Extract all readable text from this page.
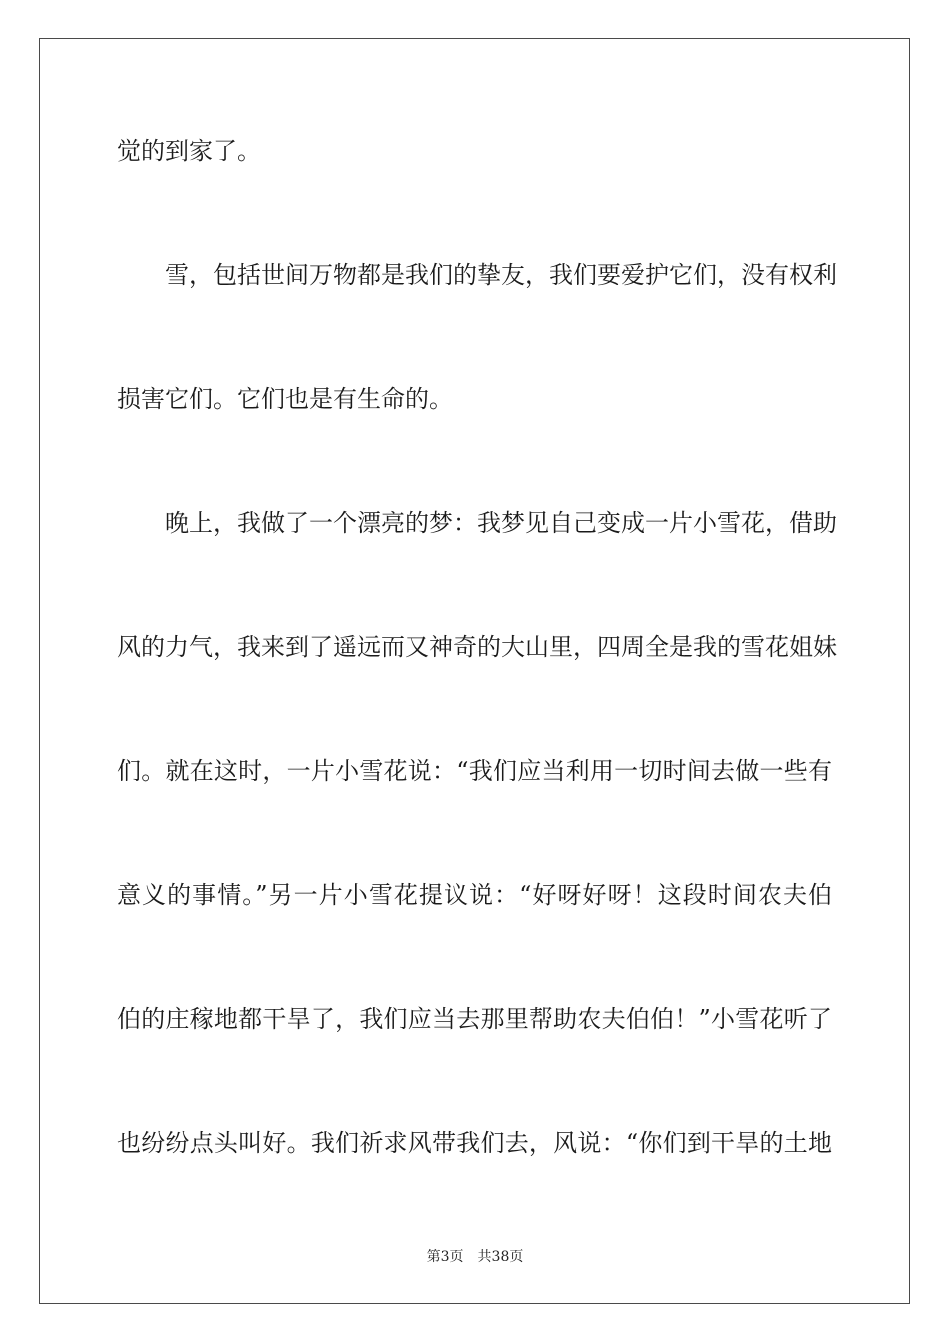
觉的到家了。
雪，包括世间万物都是我们的挚友，我们要爱护它们，没有权利
损害它们。它们也是有生命的。
晚上，我做了一个漂亮的梦：我梦见自己变成一片小雪花，借助
风的力气，我来到了遥远而又神奇的大山里，四周全是我的雪花姐妹
们。就在这时，一片小雪花说：“我们应当利用一切时间去做一些有
意义的事情。”另一片小雪花提议说：“好呀好呀！这段时间农夫伯
伯的庄稼地都干旱了，我们应当去那里帮助农夫伯伯！”小雪花听了
也纷纷点头叫好。我们祈求风带我们去，风说：“你们到干旱的土地
第3页 共38页
